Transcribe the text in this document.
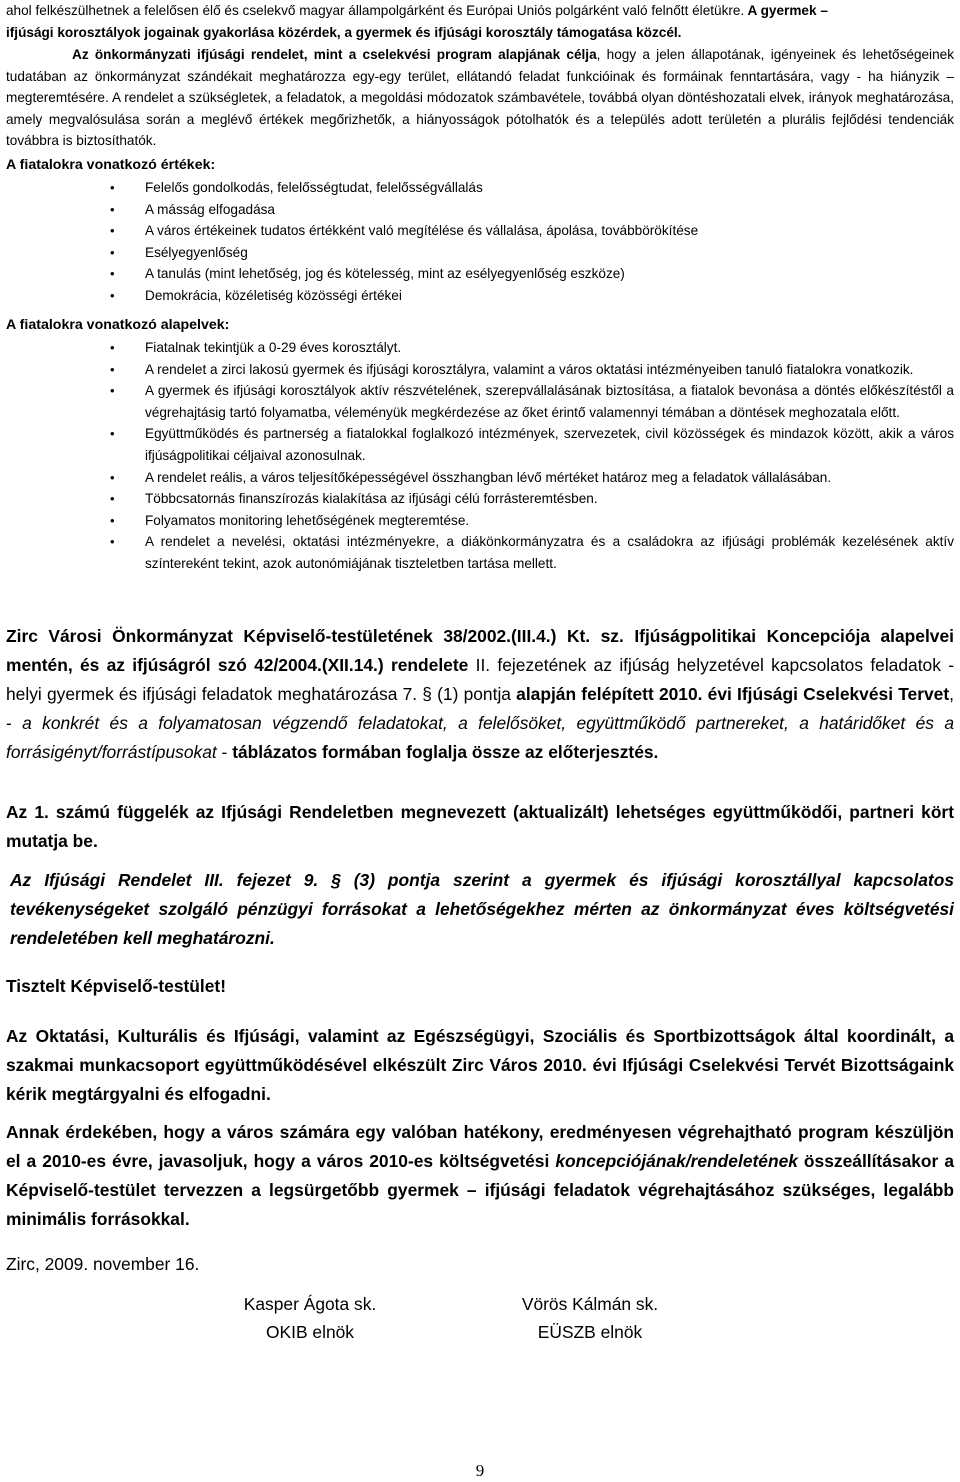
ahol felkészülhetnek a felelősen élő és cselekvő magyar állampolgárként és Európai Uniós polgárként való felnőtt életükre. A gyermek –
ifjúsági korosztályok jogainak gyakorlása közérdek, a gyermek és ifjúsági korosztály támogatása közcél.

Az önkormányzati ifjúsági rendelet, mint a cselekvési program alapjának célja, hogy a jelen állapotának, igényeinek és lehetőségeinek tudatában az önkormányzat szándékait meghatározza egy-egy terület, ellátandó feladat funkcióinak és formáinak fenntartására, vagy - ha hiányzik – megteremtésére. A rendelet a szükségletek, a feladatok, a megoldási módozatok számbavétele, továbbá olyan döntéshozatali elvek, irányok meghatározása, amely megvalósulása során a meglévő értékek megőrizhetők, a hiányosságok pótolhatók és a település adott területén a plurális fejlődési tendenciák továbbra is biztosíthatók.

A fiatalokra vonatkozó értékek:
• Felelős gondolkodás, felelősségtudat, felelősségvállalás
• A másság elfogadása
• A város értékeinek tudatos értékként való megítélése és vállalása, ápolása, továbbörökítése
• Esélyegyenlőség
• A tanulás (mint lehetőség, jog és kötelesség, mint az esélyegyenlőség eszköze)
• Demokrácia, közéletiség közösségi értékei
A fiatalokra vonatkozó alapelvek:
• Fiatalnak tekintjük a 0-29 éves korosztályt.
• A rendelet a zirci lakosú gyermek és ifjúsági korosztályra, valamint a város oktatási intézményeiben tanuló fiatalokra vonatkozik.
• A gyermek és ifjúsági korosztályok aktív részvételének, szerepvállalásának biztosítása, a fiatalok bevonása a döntés előkészítéstől a végrehajtásig tartó folyamatba, véleményük megkérdezése az őket érintő valamennyi témában a döntések meghozatala előtt.
• Együttműködés és partnerség a fiatalokkal foglalkozó intézmények, szervezetek, civil közösségek és mindazok között, akik a város ifjúságpolitikai céljaival azonosulnak.
• A rendelet reális, a város teljesítőképességével összhangban lévő mértéket határoz meg a feladatok vállalásában.
• Többcsatornás finanszírozás kialakítása az ifjúsági célú forrásteremtésben.
• Folyamatos monitoring lehetőségének megteremtése.
• A rendelet a nevelési, oktatási intézményekre, a diákönkormányzatra és a családokra az ifjúsági problémák kezelésének aktív színtereként tekint, azok autonómiájának tiszteletben tartása mellett.

Zirc Városi Önkormányzat Képviselő-testületének 38/2002.(III.4.) Kt. sz. Ifjúságpolitikai Koncepciója alapelvei mentén, és az ifjúságról szó 42/2004.(XII.14.) rendelete II. fejezetének az ifjúság helyzetével kapcsolatos feladatok - helyi gyermek és ifjúsági feladatok meghatározása 7. § (1) pontja alapján felépített 2010. évi Ifjúsági Cselekvési Tervet, - a konkrét és a folyamatosan végzendő feladatokat, a felelősöket, együttműködő partnereket, a határidőket és a forrásigényt/forrástípusokat - táblázatos formában foglalja össze az előterjesztés.

Az 1. számú függelék az Ifjúsági Rendeletben megnevezett (aktualizált) lehetséges együttműködői, partneri kört mutatja be.

Az Ifjúsági Rendelet III. fejezet 9. § (3) pontja szerint a gyermek és ifjúsági korosztállyal kapcsolatos tevékenységeket szolgáló pénzügyi forrásokat a lehetőségekhez mérten az önkormányzat éves költségvetési rendeletében kell meghatározni.

Tisztelt Képviselő-testület!

Az Oktatási, Kulturális és Ifjúsági, valamint az Egészségügyi, Szociális és Sportbizottságok által koordinált, a szakmai munkacsoport együttműködésével elkészült Zirc Város 2010. évi Ifjúsági Cselekvési Tervét Bizottságaink kérik megtárgyalni és elfogadni.

Annak érdekében, hogy a város számára egy valóban hatékony, eredményesen végrehajtható program készüljön el a 2010-es évre, javasoljuk, hogy a város 2010-es költségvetési koncepciójának/rendeletének összeállításakor a Képviselő-testület tervezzen a legsürgetőbb gyermek – ifjúsági feladatok végrehajtásához szükséges, legalább minimális forrásokkal.

Zirc, 2009. november 16.

Kasper Ágota sk.
OKIB elnök
Vörös Kálmán sk.
EÜSZB elnök
9
